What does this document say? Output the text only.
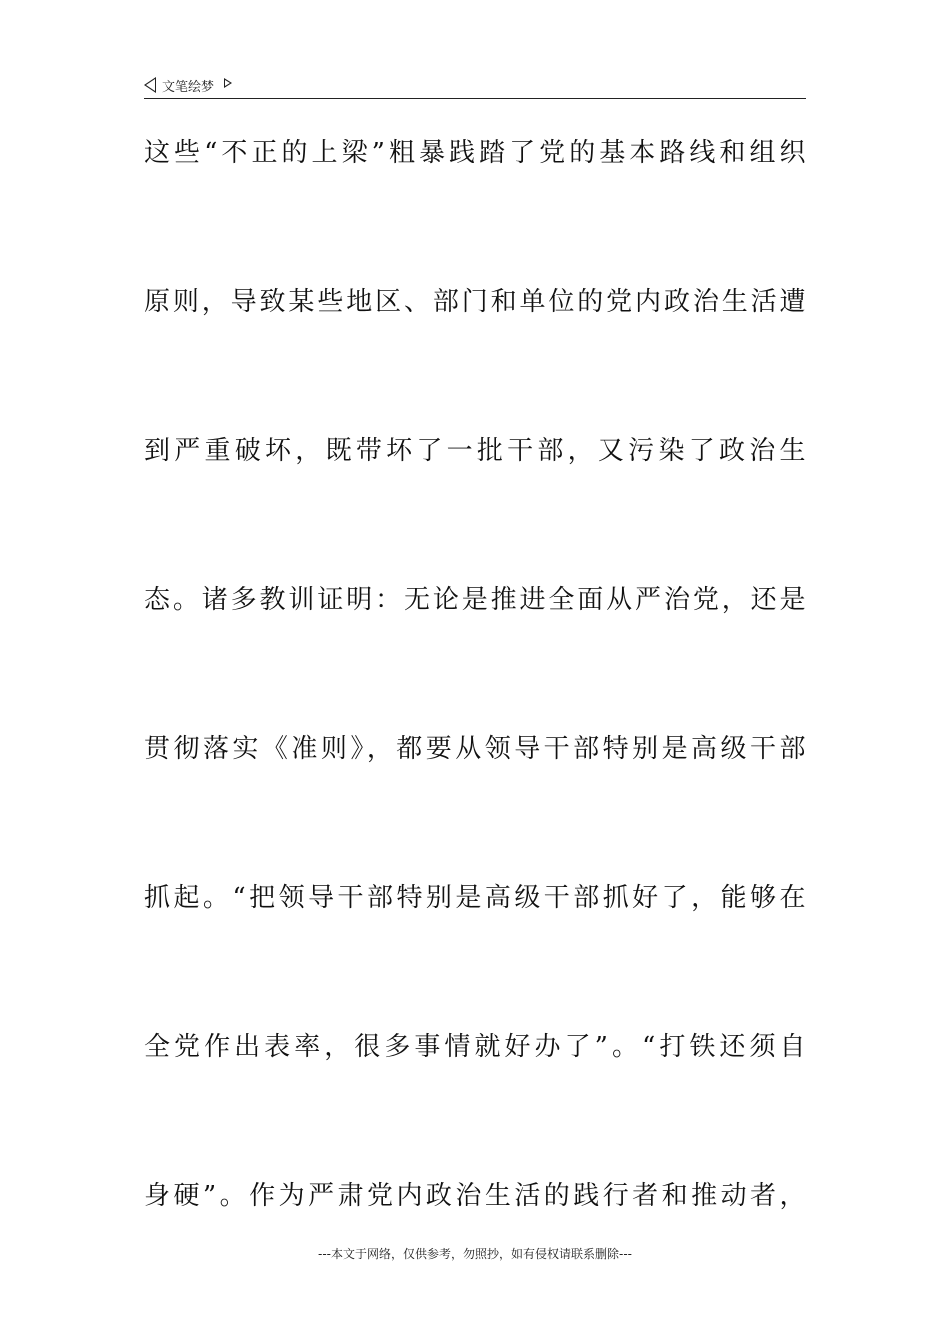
文笔绘梦
这些“不正的上梁”粗暴践踏了党的基本路线和组织
原则，导致某些地区、部门和单位的党内政治生活遭
到严重破坏，既带坏了一批干部，又污染了政治生
态。诸多教训证明：无论是推进全面从严治党，还是
贯彻落实《准则》，都要从领导干部特别是高级干部
抓起。“把领导干部特别是高级干部抓好了，能够在
全党作出表率，很多事情就好办了”。“打铁还须自
身硬”。作为严肃党内政治生活的践行者和推动者，
---本文于网络，仅供参考，勿照抄，如有侵权请联系删除---
